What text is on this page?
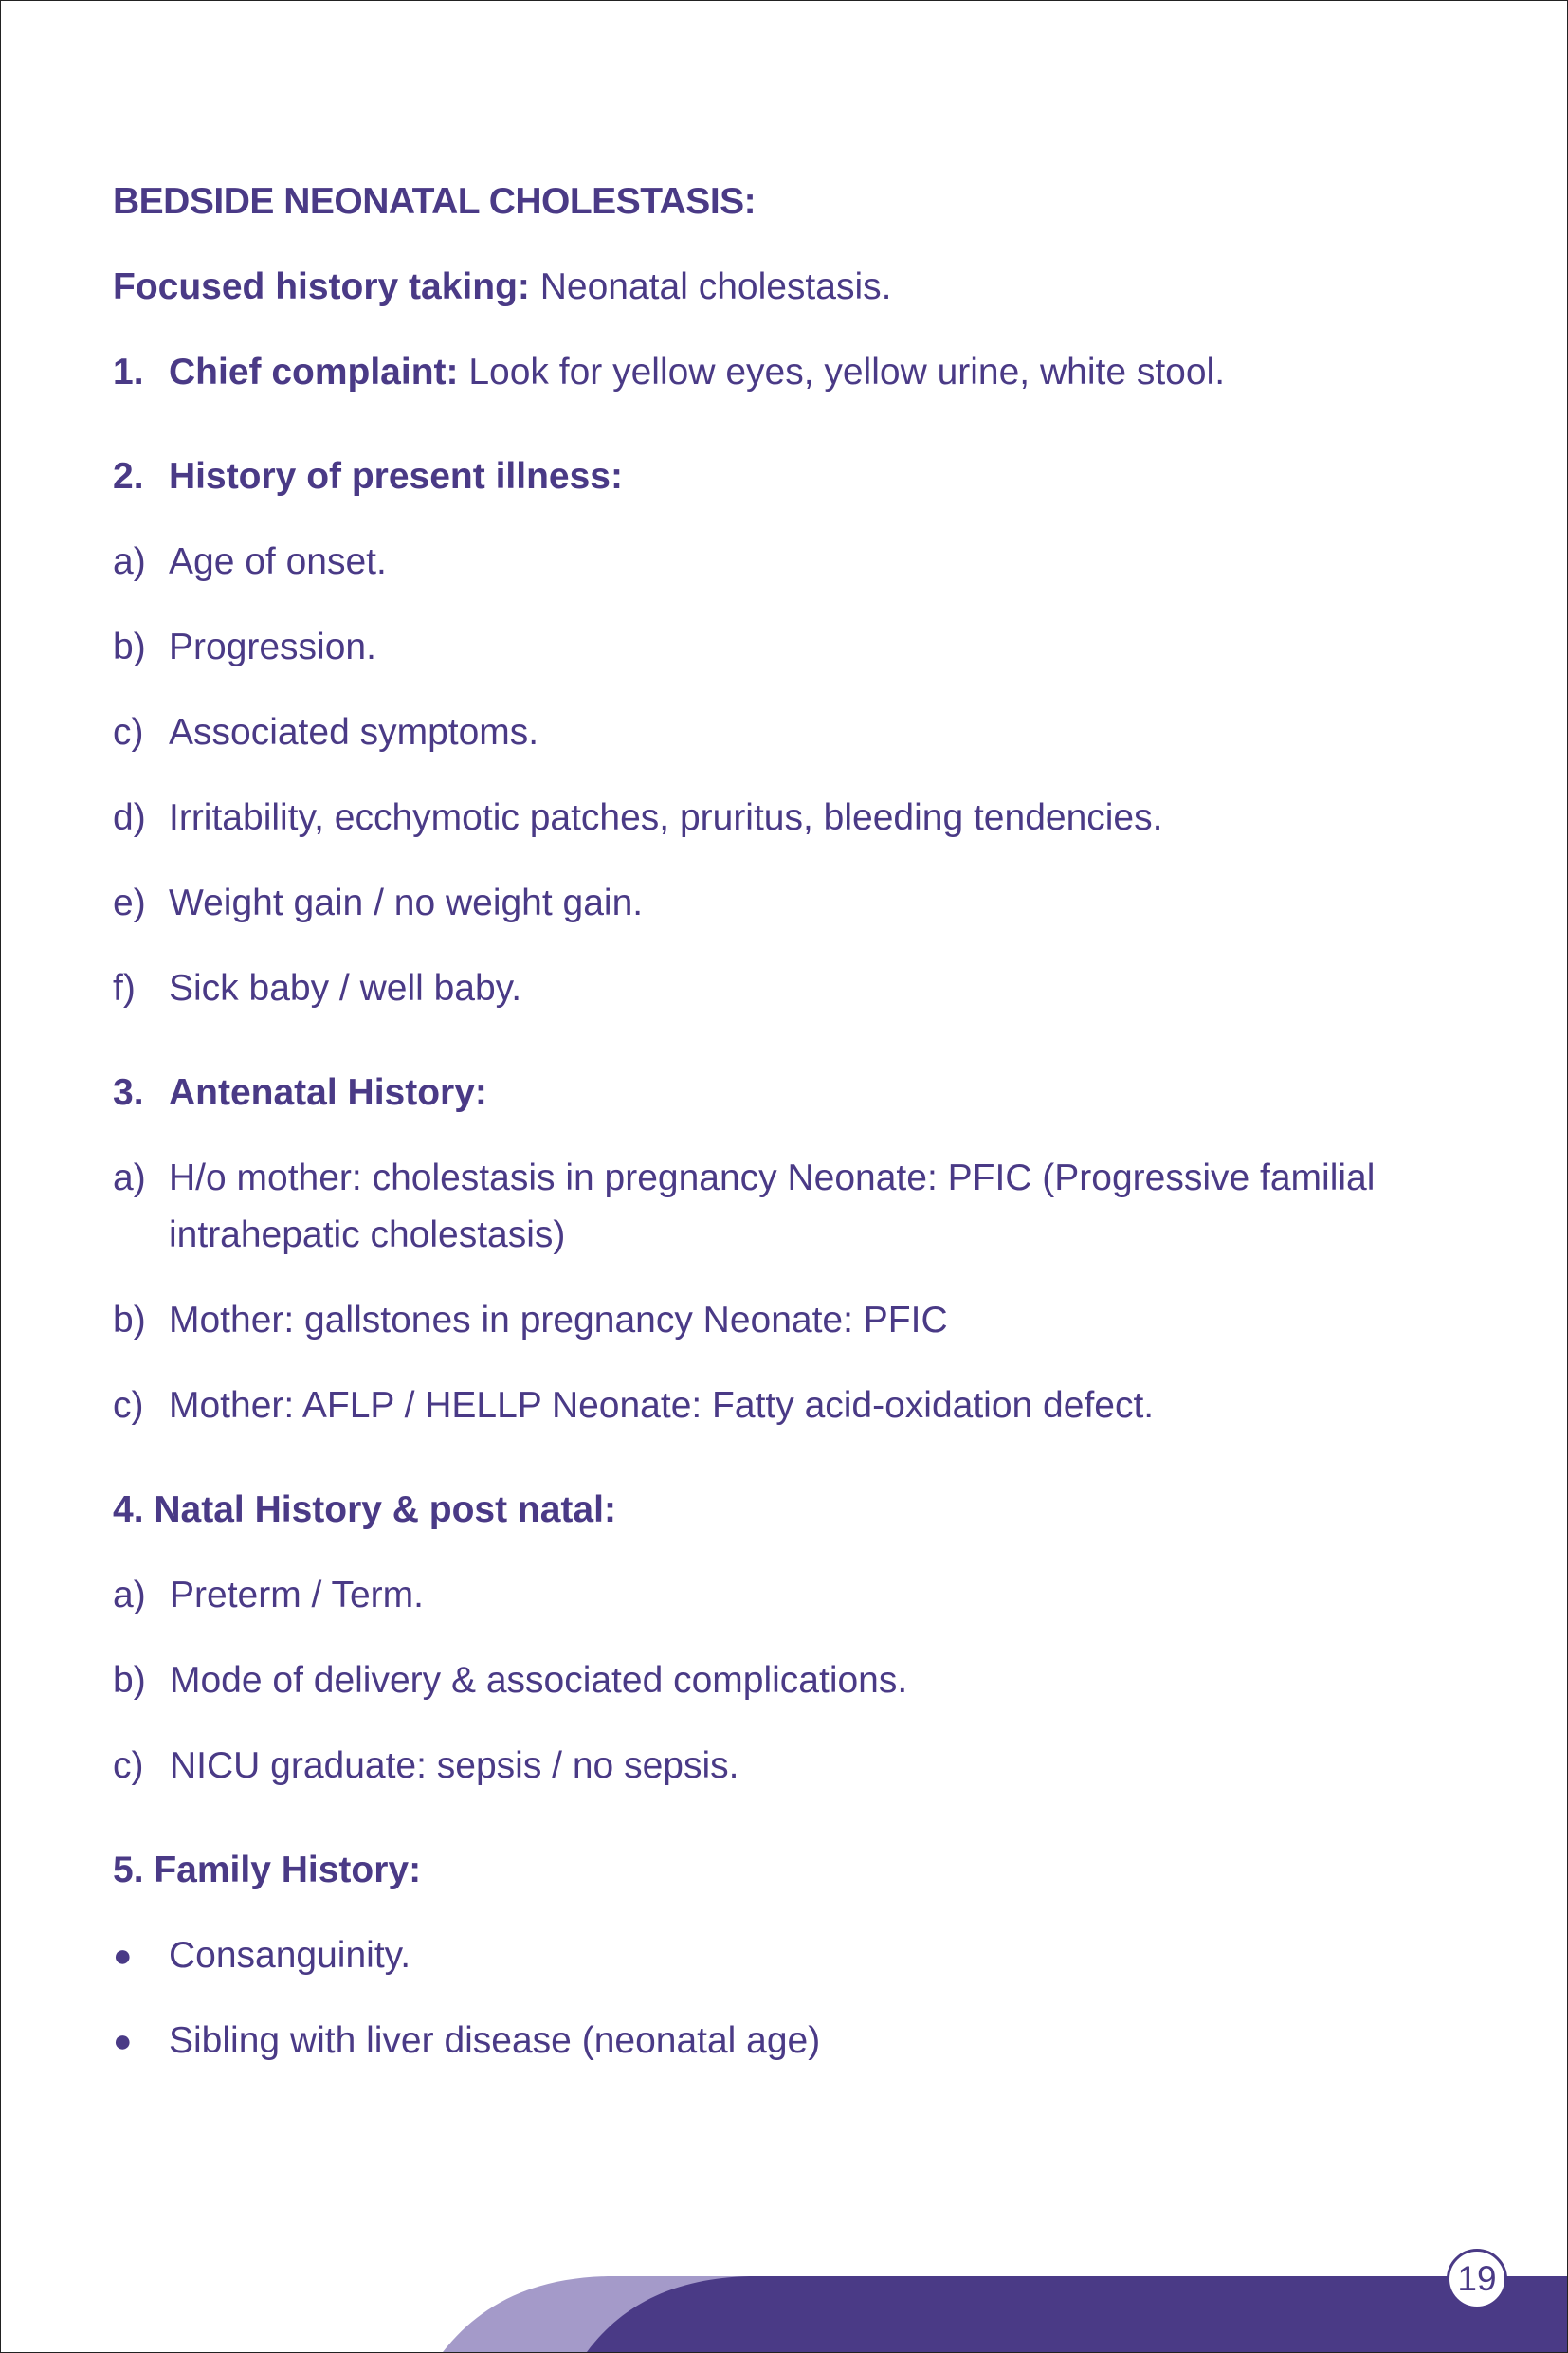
BEDSIDE NEONATAL CHOLESTASIS:
Focused history taking: Neonatal cholestasis.
1. Chief complaint: Look for yellow eyes, yellow urine, white stool.
2. History of present illness:
a) Age of onset.
b) Progression.
c) Associated symptoms.
d) Irritability, ecchymotic patches, pruritus, bleeding tendencies.
e) Weight gain / no weight gain.
f) Sick baby / well baby.
3. Antenatal History:
a) H/o mother: cholestasis in pregnancy Neonate: PFIC (Progressive familial intrahepatic cholestasis)
b) Mother: gallstones in pregnancy Neonate: PFIC
c) Mother: AFLP / HELLP Neonate: Fatty acid-oxidation defect.
4. Natal History & post natal:
a) Preterm / Term.
b) Mode of delivery & associated complications.
c) NICU graduate: sepsis / no sepsis.
5. Family History:
● Consanguinity.
● Sibling with liver disease (neonatal age)
19
